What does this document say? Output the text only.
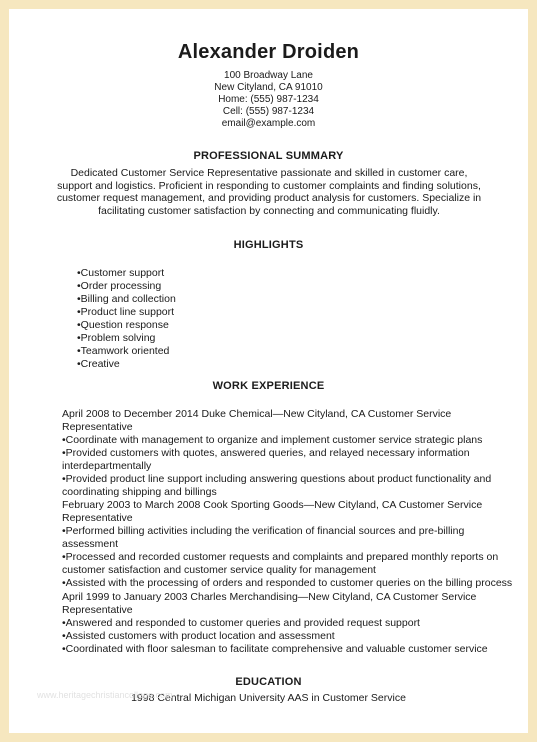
Alexander Droiden
100 Broadway Lane
New Cityland, CA 91010
Home: (555) 987-1234
Cell: (555) 987-1234
email@example.com
PROFESSIONAL SUMMARY
Dedicated Customer Service Representative passionate and skilled in customer care, support and logistics. Proficient in responding to customer complaints and finding solutions, customer request management, and providing product analysis for customers. Specialize in facilitating customer satisfaction by connecting and communicating fluidly.
HIGHLIGHTS
•Customer support
•Order processing
•Billing and collection
•Product line support
•Question response
•Problem solving
•Teamwork oriented
•Creative
WORK EXPERIENCE
April 2008 to December 2014 Duke Chemical—New Cityland, CA Customer Service Representative
•Coordinate with management to organize and implement customer service strategic plans
•Provided customers with quotes, answered queries, and relayed necessary information interdepartmentally
•Provided product line support including answering questions about product functionality and coordinating shipping and billings
February 2003 to March 2008 Cook Sporting Goods—New Cityland, CA Customer Service Representative
•Performed billing activities including the verification of financial sources and pre-billing assessment
•Processed and recorded customer requests and complaints and prepared monthly reports on customer satisfaction and customer service quality for management
•Assisted with the processing of orders and responded to customer queries on the billing process
April 1999 to January 2003 Charles Merchandising—New Cityland, CA Customer Service Representative
•Answered and responded to customer queries and provided request support
•Assisted customers with product location and assessment
•Coordinated with floor salesman to facilitate comprehensive and valuable customer service
EDUCATION
1998 Central Michigan University AAS in Customer Service
www.heritagechristiancollege.com
